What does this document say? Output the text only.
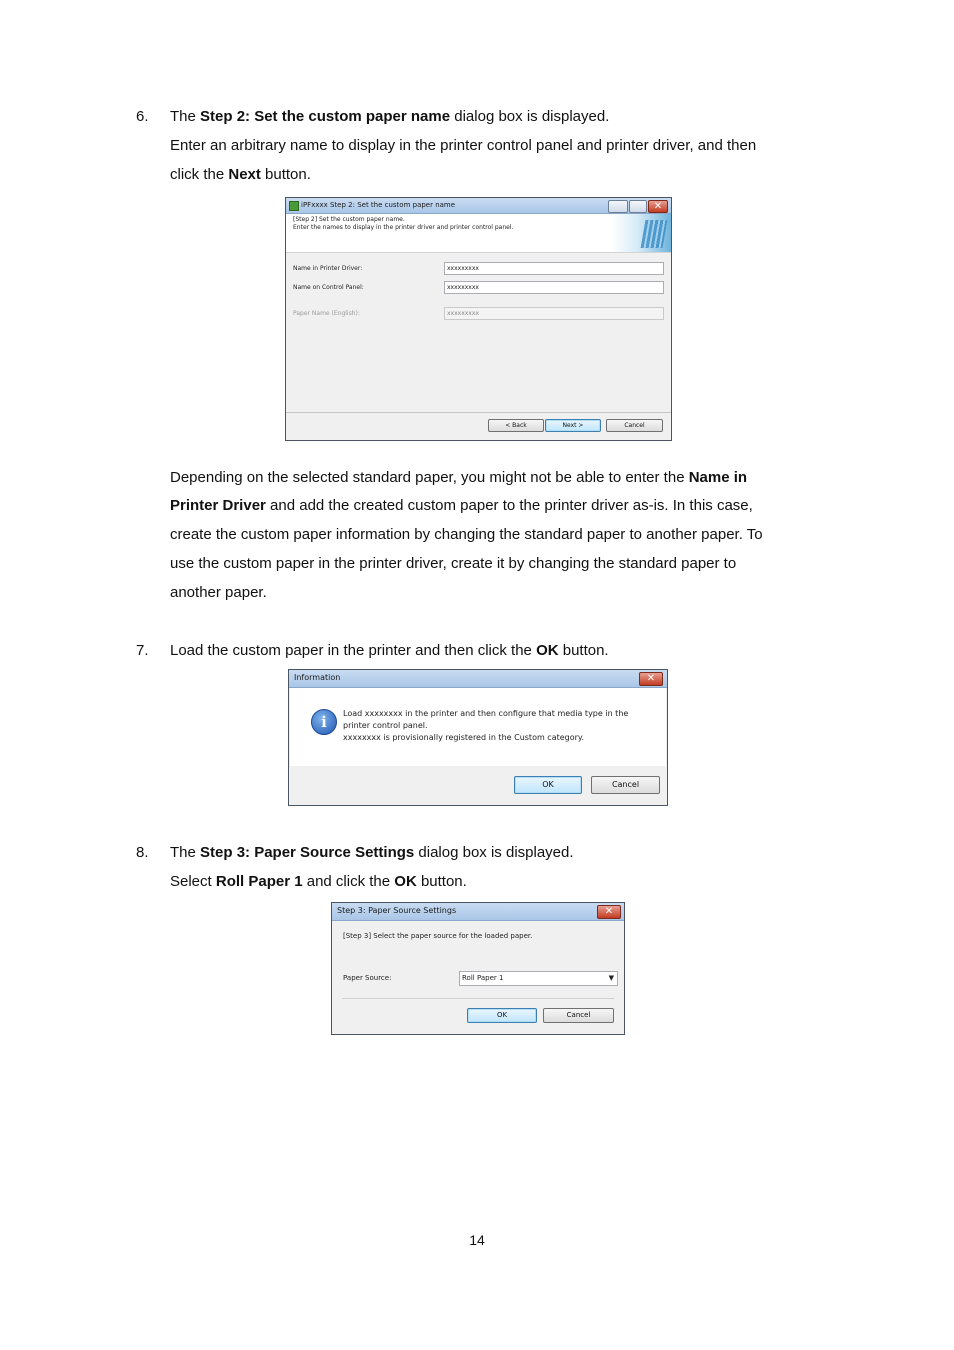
6. The Step 2: Set the custom paper name dialog box is displayed.
Enter an arbitrary name to display in the printer control panel and printer driver, and then
click the Next button.
iPFxxxx Step 2: Set the custom paper name	✕
[Step 2] Set the custom paper name.
Enter the names to display in the printer driver and printer control panel.
Name in Printer Driver:	xxxxxxxxx
Name on Control Panel:	xxxxxxxxx
Paper Name (English):	xxxxxxxxx
< Back	Next >	Cancel
Depending on the selected standard paper, you might not be able to enter the Name in
Printer Driver and add the created custom paper to the printer driver as-is. In this case,
create the custom paper information by changing the standard paper to another paper. To
use the custom paper in the printer driver, create it by changing the standard paper to
another paper.
7. Load the custom paper in the printer and then click the OK button.
Information	✕
i	Load xxxxxxxx in the printer and then configure that media type in the
printer control panel.
xxxxxxxx is provisionally registered in the Custom category.
OK	Cancel
8. The Step 3: Paper Source Settings dialog box is displayed.
Select Roll Paper 1 and click the OK button.
Step 3: Paper Source Settings	✕
[Step 3] Select the paper source for the loaded paper.
Paper Source:	Roll Paper 1	▼
OK	Cancel
14
